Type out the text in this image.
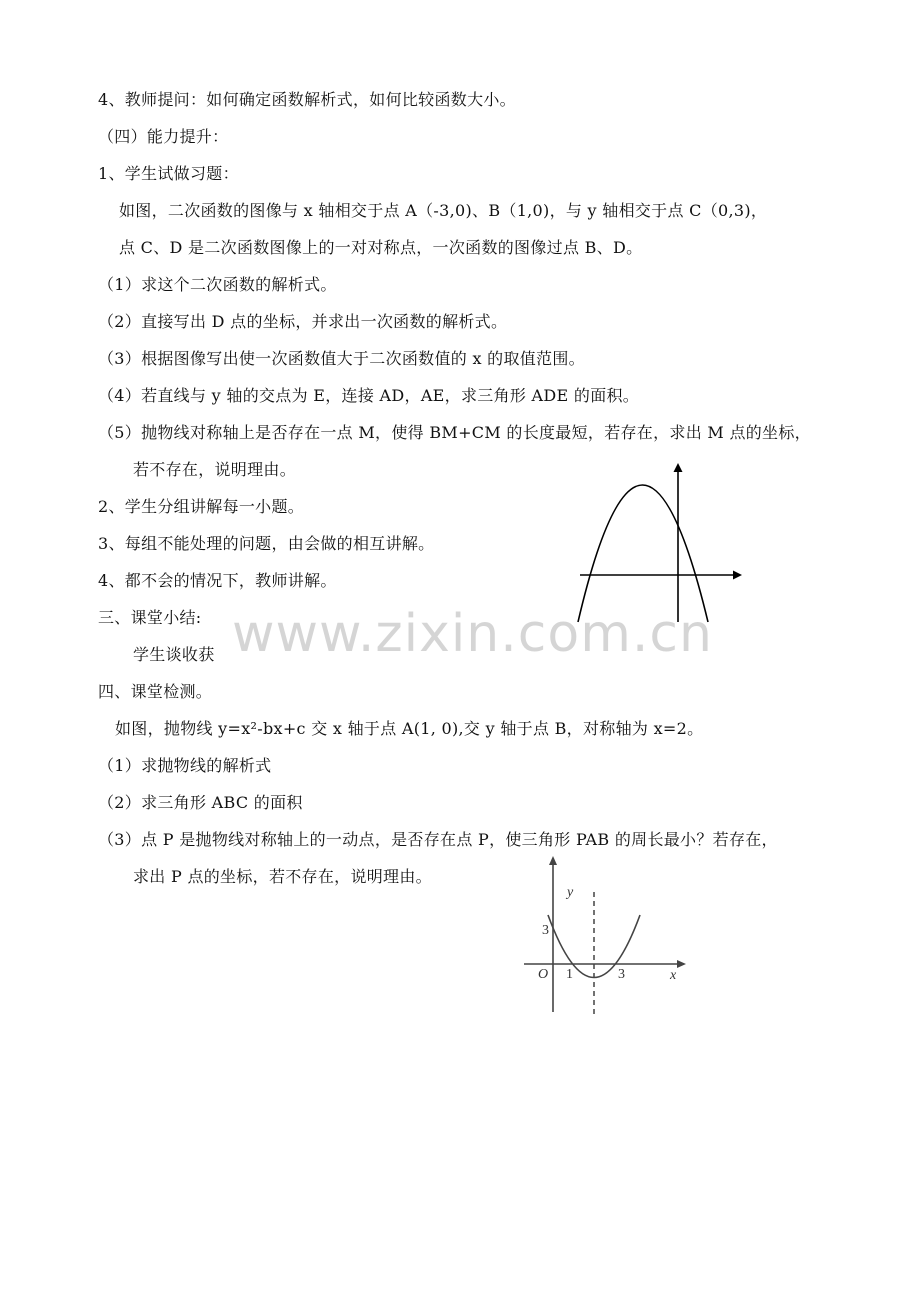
4、教师提问：如何确定函数解析式，如何比较函数大小。
（四）能力提升：
1、学生试做习题：
如图，二次函数的图像与 x 轴相交于点 A（-3,0)、B（1,0)，与 y 轴相交于点 C（0,3)，
点 C、D 是二次函数图像上的一对对称点，一次函数的图像过点 B、D。
（1）求这个二次函数的解析式。
（2）直接写出 D 点的坐标，并求出一次函数的解析式。
（3）根据图像写出使一次函数值大于二次函数值的 x 的取值范围。
（4）若直线与 y 轴的交点为 E，连接 AD，AE，求三角形 ADE 的面积。
（5）抛物线对称轴上是否存在一点 M，使得 BM+CM 的长度最短，若存在，求出 M 点的坐标，
若不存在，说明理由。
2、学生分组讲解每一小题。
3、每组不能处理的问题，由会做的相互讲解。
4、都不会的情况下，教师讲解。
三、课堂小结:
学生谈收获
四、课堂检测。
如图，抛物线 y=x²-bx+c 交 x 轴于点 A(1, 0),交 y 轴于点 B，对称轴为 x=2。
（1）求抛物线的解析式
（2）求三角形 ABC 的面积
（3）点 P 是抛物线对称轴上的一动点，是否存在点 P，使三角形 PAB 的周长最小？若存在，
求出 P 点的坐标，若不存在，说明理由。
www.zixin.com.cn
y
x
O
3
1	3
